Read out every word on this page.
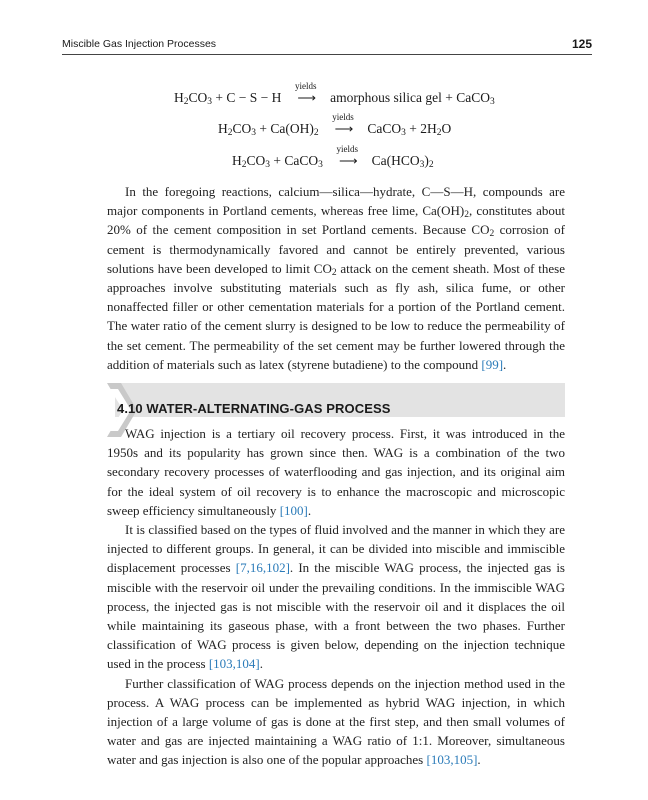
Miscible Gas Injection Processes	125
$H_2CO_3 + C - S - H$
yields
⟶ amorphous silica gel + CaCO$_3$
$H_2CO_3 + Ca(OH)_2$
yields
⟶ CaCO$_3$ + $2H_2O$
$H_2CO_3$ + CaCO$_3$
yields
⟶ $Ca(HCO_3)_2$
In the foregoing reactions, calcium—silica—hydrate, C—S—H, compounds are major components in Portland cements, whereas free lime, $Ca(OH)_2$, constitutes about 20% of the cement composition in set Portland cements. Because $CO_2$ corrosion of cement is thermodynamically favored and cannot be entirely prevented, various solutions have been developed to limit $CO_2$ attack on the cement sheath. Most of these approaches involve substituting materials such as fly ash, silica fume, or other nonaffected filler or other cementation materials for a portion of the Portland cement. The water ratio of the cement slurry is designed to be low to reduce the permeability of the set cement. The permeability of the set cement may be further lowered through the addition of materials such as latex (styrene butadiene) to the compound [99].
4.10 WATER-ALTERNATING-GAS PROCESS

WAG injection is a tertiary oil recovery process. First, it was introduced in the 1950s and its popularity has grown since then. WAG is a combination of the two secondary recovery processes of waterflooding and gas injection, and its original aim for the ideal system of oil recovery is to enhance the macroscopic and microscopic sweep efficiency simultaneously [100].

It is classified based on the types of fluid involved and the manner in which they are injected to different groups. In general, it can be divided into miscible and immiscible displacement processes [7,16,102]. In the miscible WAG process, the injected gas is miscible with the reservoir oil under the prevailing conditions. In the immiscible WAG process, the injected gas is not miscible with the reservoir oil and it displaces the oil while maintaining its gaseous phase, with a front between the two phases. Further classification of WAG process is given below, depending on the injection technique used in the process [103,104].

Further classification of WAG process depends on the injection method used in the process. A WAG process can be implemented as hybrid WAG injection, in which injection of a large volume of gas is done at the first step, and then small volumes of water and gas are injected maintaining a WAG ratio of 1:1. Moreover, simultaneous water and gas injection is also one of the popular approaches [103,105].
